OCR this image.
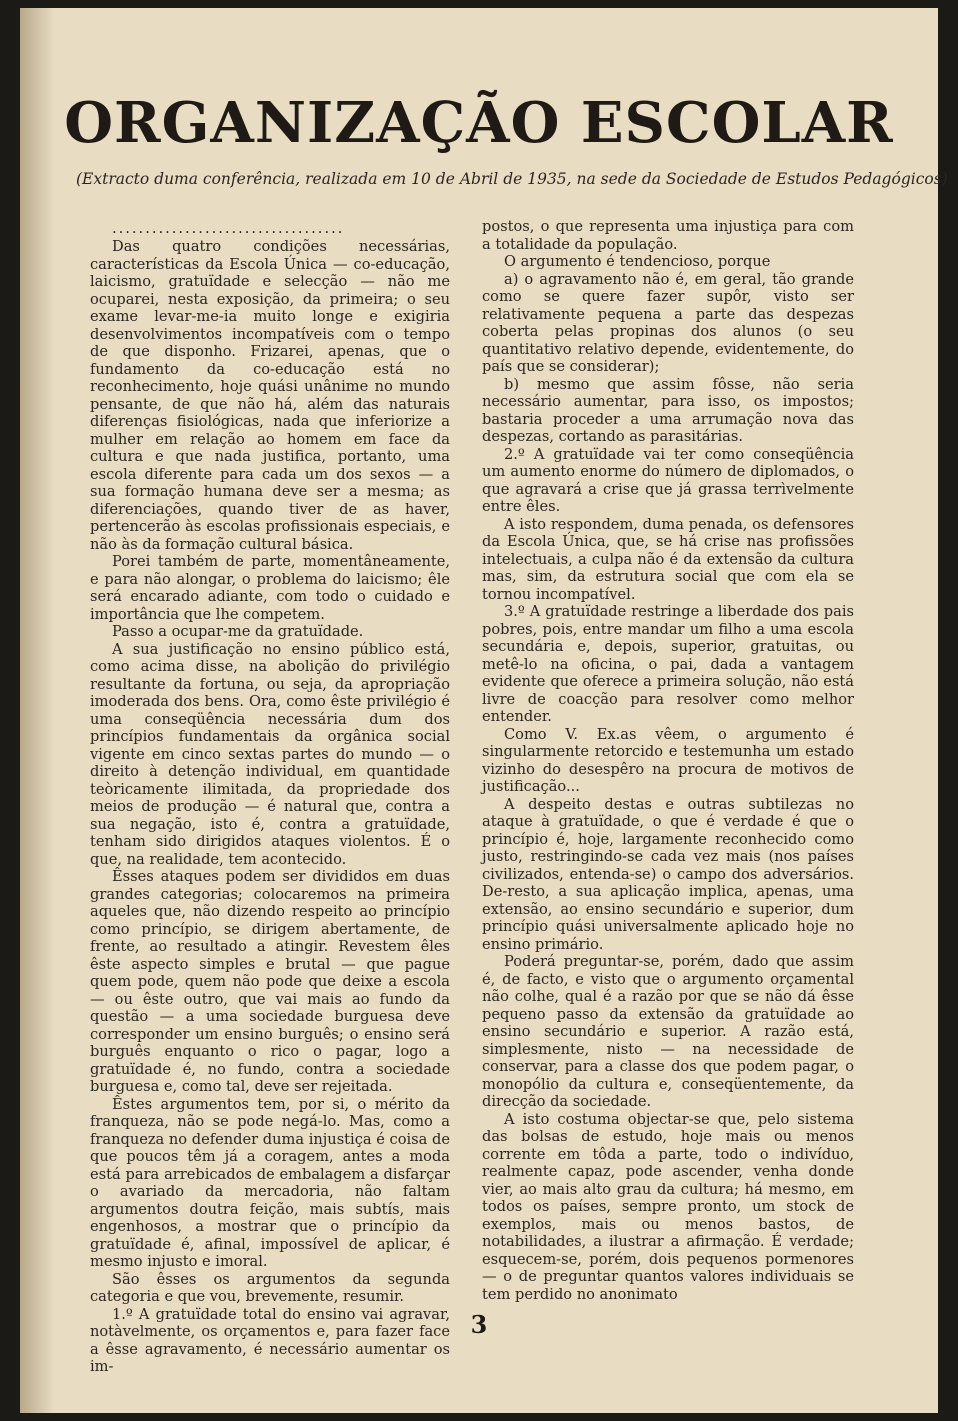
ORGANIZAÇÃO ESCOLAR
(Extracto duma conferência, realizada em 10 de Abril de 1935, na sede da Sociedade de Estudos Pedagógicos)

...................................

Das quatro condições necessárias, características da Escola Única — co-educação, laicismo, gratuïdade e selecção — não me ocuparei, nesta exposição, da primeira; o seu exame levar-me-ia muito longe e exigiria desenvolvimentos incompatíveis com o tempo de que disponho. Frizarei, apenas, que o fundamento da co-educação está no reconhecimento, hoje quási unânime no mundo pensante, de que não há, além das naturais diferenças fisiológicas, nada que inferiorize a mulher em relação ao homem em face da cultura e que nada justifica, portanto, uma escola diferente para cada um dos sexos — a sua formação humana deve ser a mesma; as diferenciações, quando tiver de as haver, pertencerão às escolas profissionais especiais, e não às da formação cultural básica.

Porei também de parte, momentâneamente, e para não alongar, o problema do laicismo; êle será encarado adiante, com todo o cuidado e importância que lhe competem.

Passo a ocupar-me da gratuïdade.

A sua justificação no ensino público está, como acima disse, na abolição do privilégio resultante da fortuna, ou seja, da apropriação imoderada dos bens. Ora, como êste privilégio é uma conseqüência necessária dum dos princípios fundamentais da orgânica social vigente em cinco sextas partes do mundo — o direito à detenção individual, em quantidade teòricamente ilimitada, da propriedade dos meios de produção — é natural que, contra a sua negação, isto é, contra a gratuïdade, tenham sido dirigidos ataques violentos. É o que, na realidade, tem acontecido.

Êsses ataques podem ser divididos em duas grandes categorias; colocaremos na primeira aqueles que, não dizendo respeito ao princípio como princípio, se dirigem abertamente, de frente, ao resultado a atingir. Revestem êles êste aspecto simples e brutal — que pague quem pode, quem não pode que deixe a escola — ou êste outro, que vai mais ao fundo da questão — a uma sociedade burguesa deve corresponder um ensino burguês; o ensino será burguês enquanto o rico o pagar, logo a gratuïdade é, no fundo, contra a sociedade burguesa e, como tal, deve ser rejeitada.

Êstes argumentos tem, por si, o mérito da franqueza, não se pode negá-lo. Mas, como a franqueza no defender duma injustiça é coisa de que poucos têm já a coragem, antes a moda está para arrebicados de embalagem a disfarçar o avariado da mercadoria, não faltam argumentos doutra feição, mais subtís, mais engenhosos, a mostrar que o princípio da gratuïdade é, afinal, impossível de aplicar, é mesmo injusto e imoral.

São êsses os argumentos da segunda categoria e que vou, brevemente, resumir.

1.º A gratuïdade total do ensino vai agravar, notàvelmente, os orçamentos e, para fazer face a êsse agravamento, é necessário aumentar os im-

postos, o que representa uma injustiça para com a totalidade da população.

O argumento é tendencioso, porque

a) o agravamento não é, em geral, tão grande como se quere fazer supôr, visto ser relativamente pequena a parte das despezas coberta pelas propinas dos alunos (o seu quantitativo relativo depende, evidentemente, do país que se considerar);

b) mesmo que assim fôsse, não seria necessário aumentar, para isso, os impostos; bastaria proceder a uma arrumação nova das despezas, cortando as parasitárias.

2.º A gratuïdade vai ter como conseqüência um aumento enorme do número de diplomados, o que agravará a crise que já grassa terrìvelmente entre êles.

A isto respondem, duma penada, os defensores da Escola Única, que, se há crise nas profissões intelectuais, a culpa não é da extensão da cultura mas, sim, da estrutura social que com ela se tornou incompatível.

3.º A gratuïdade restringe a liberdade dos pais pobres, pois, entre mandar um filho a uma escola secundária e, depois, superior, gratuitas, ou metê-lo na oficina, o pai, dada a vantagem evidente que oferece a primeira solução, não está livre de coacção para resolver como melhor entender.

Como V. Ex.as vêem, o argumento é singularmente retorcido e testemunha um estado vizinho do desespêro na procura de motivos de justificação...

A despeito destas e outras subtilezas no ataque à gratuïdade, o que é verdade é que o princípio é, hoje, largamente reconhecido como justo, restringindo-se cada vez mais (nos países civilizados, entenda-se) o campo dos adversários. De-resto, a sua aplicação implica, apenas, uma extensão, ao ensino secundário e superior, dum princípio quási universalmente aplicado hoje no ensino primário.

Poderá preguntar-se, porém, dado que assim é, de facto, e visto que o argumento orçamental não colhe, qual é a razão por que se não dá êsse pequeno passo da extensão da gratuïdade ao ensino secundário e superior. A razão está, simplesmente, nisto — na necessidade de conservar, para a classe dos que podem pagar, o monopólio da cultura e, conseqüentemente, da direcção da sociedade.

A isto costuma objectar-se que, pelo sistema das bolsas de estudo, hoje mais ou menos corrente em tôda a parte, todo o indivíduo, realmente capaz, pode ascender, venha donde vier, ao mais alto grau da cultura; há mesmo, em todos os países, sempre pronto, um stock de exemplos, mais ou menos bastos, de notabilidades, a ilustrar a afirmação. É verdade; esquecem-se, porém, dois pequenos pormenores — o de preguntar quantos valores individuais se tem perdido no anonimato

3
